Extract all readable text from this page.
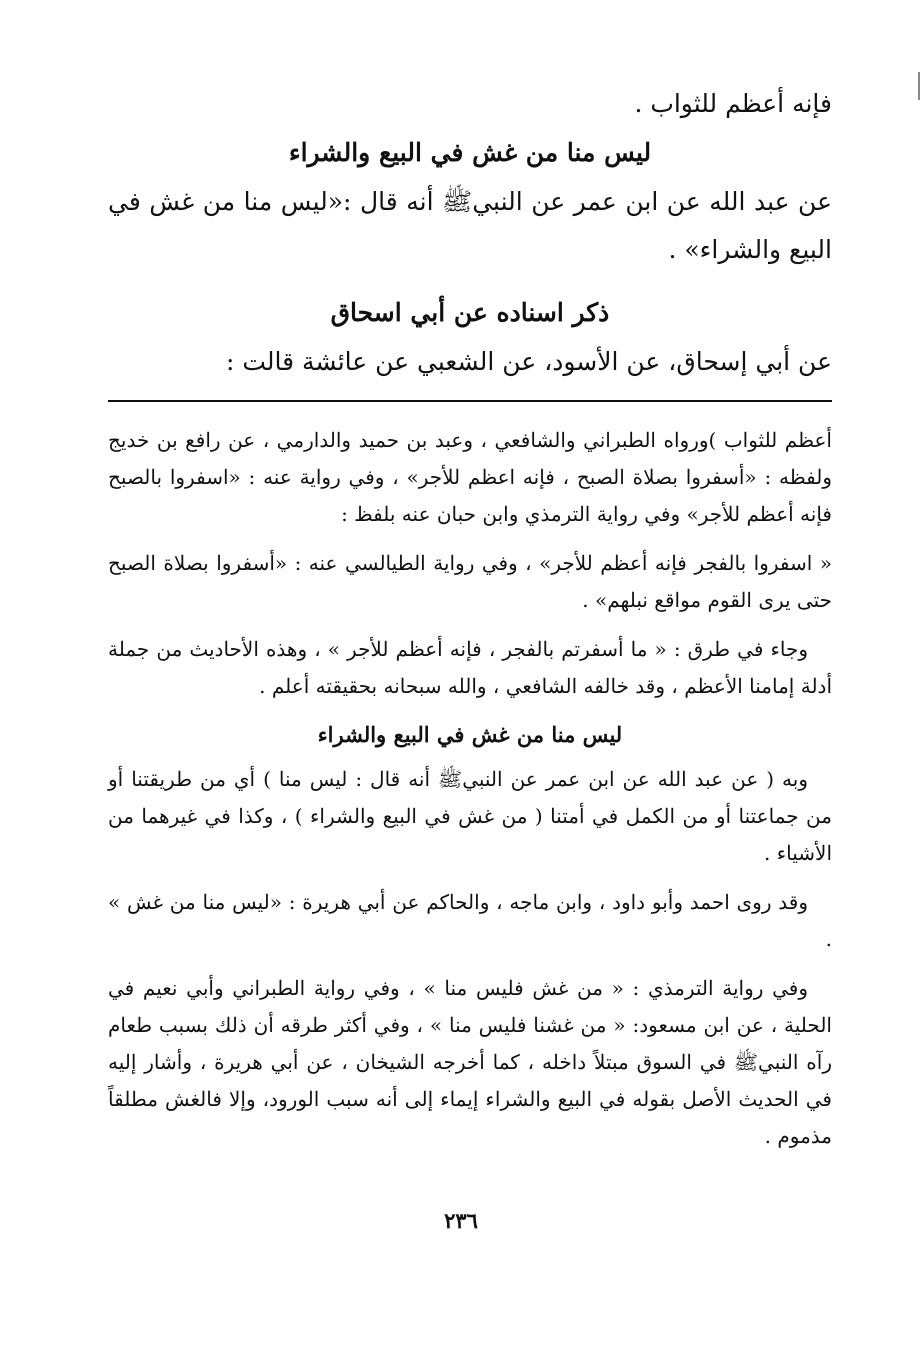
فإنه أعظم للثواب .

ليس منا من غش في البيع والشراء

عن عبد الله عن ابن عمر عن النبيﷺ أنه قال :«ليس منا من غش في البيع والشراء» .

ذكر اسناده عن أبي اسحاق

عن أبي إسحاق، عن الأسود، عن الشعبي عن عائشة قالت :

أعظم للثواب )ورواه الطبراني والشافعي ، وعبد بن حميد والدارمي ، عن رافع بن خديج ولفظه : «أسفروا بصلاة الصبح ، فإنه اعظم للأجر» ، وفي رواية عنه : «اسفروا بالصبح فإنه أعظم للأجر» وفي رواية الترمذي وابن حبان عنه بلفظ :

« اسفروا بالفجر فإنه أعظم للأجر» ، وفي رواية الطيالسي عنه : «أسفروا بصلاة الصبح حتى يرى القوم مواقع نبلهم» .

وجاء في طرق : « ما أسفرتم بالفجر ، فإنه أعظم للأجر » ، وهذه الأحاديث من جملة أدلة إمامنا الأعظم ، وقد خالفه الشافعي ، والله سبحانه بحقيقته أعلم .

ليس منا من غش في البيع والشراء

وبه ( عن عبد الله عن ابن عمر عن النبيﷺ أنه قال : ليس منا ) أي من طريقتنا أو من جماعتنا أو من الكمل في أمتنا ( من غش في البيع والشراء ) ، وكذا في غيرهما من الأشياء .

وقد روى احمد وأبو داود ، وابن ماجه ، والحاكم عن أبي هريرة : «ليس منا من غش » .

وفي رواية الترمذي : « من غش فليس منا » ، وفي رواية الطبراني وأبي نعيم في الحلية ، عن ابن مسعود: « من غشنا فليس منا » ، وفي أكثر طرقه أن ذلك بسبب طعام رآه النبيﷺ في السوق مبتلاً داخله ، كما أخرجه الشيخان ، عن أبي هريرة ، وأشار إليه في الحديث الأصل بقوله في البيع والشراء إيماء إلى أنه سبب الورود، وإلا فالغش مطلقاً مذموم .

٢٣٦
